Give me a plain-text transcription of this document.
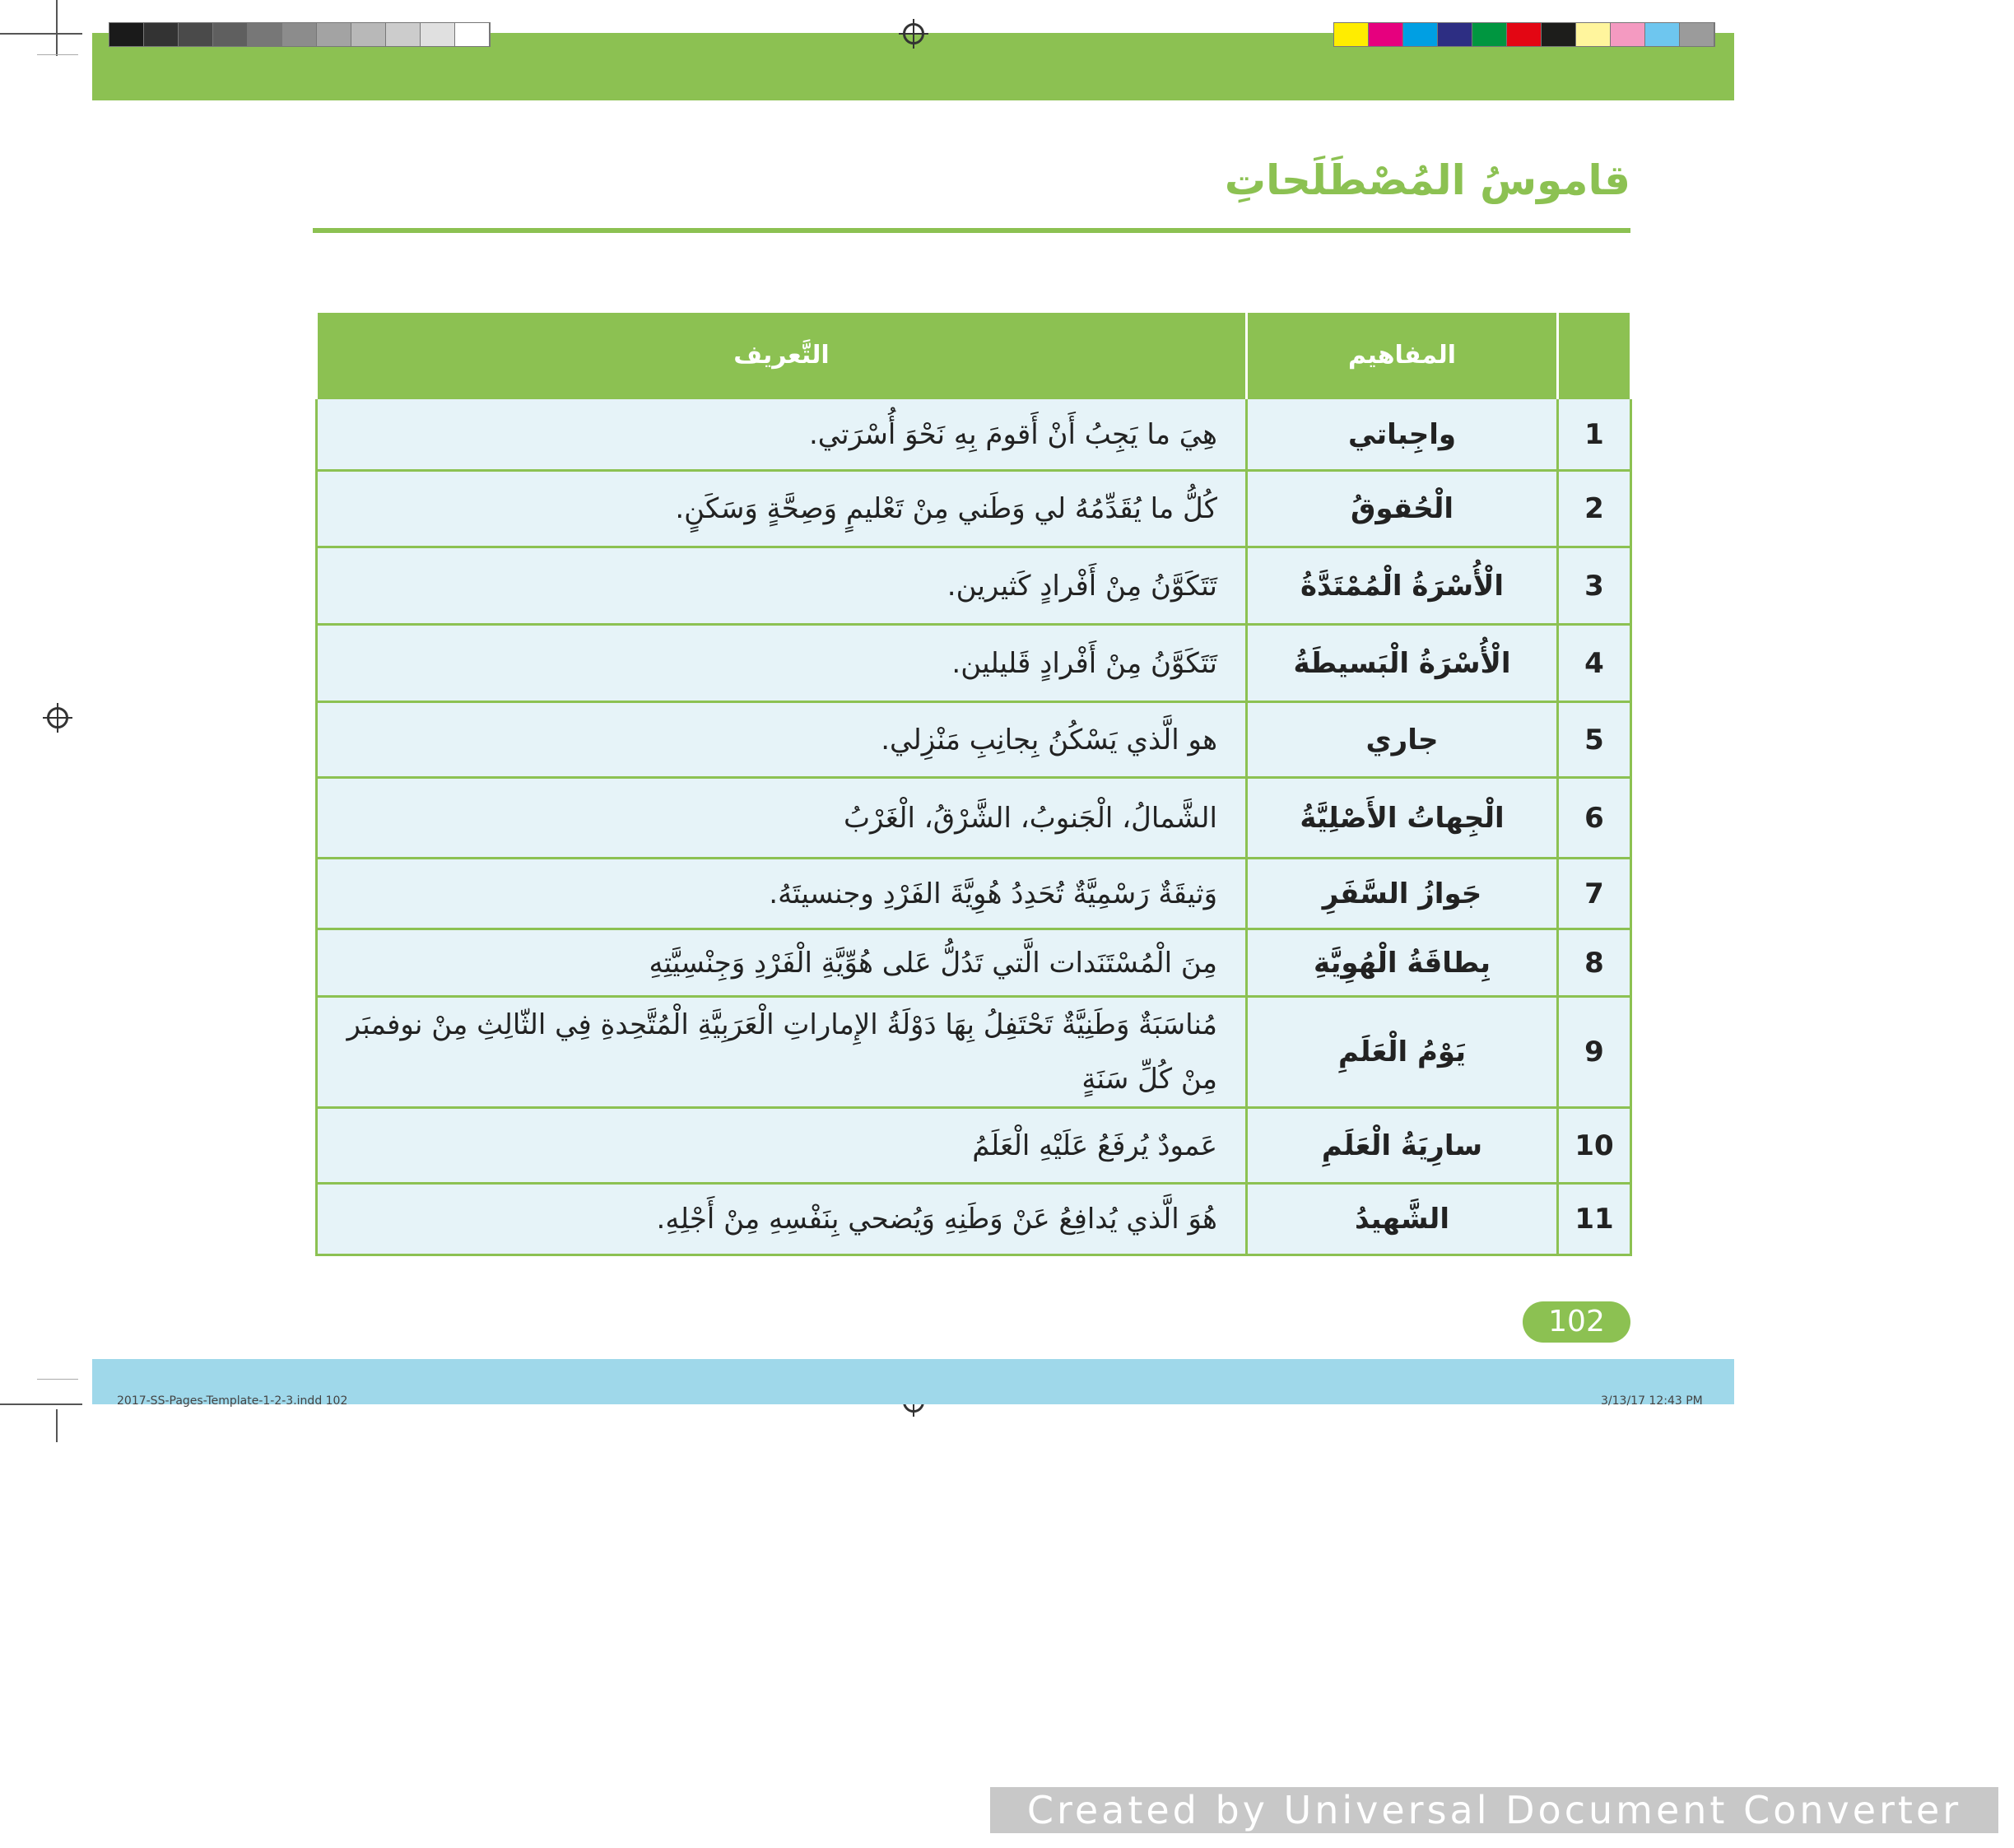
قاموسُ المُصْطَلَحاتِ
	المفاهيم	التَّعريف
1	واجِباتي	هِيَ ما يَجِبُ أَنْ أَقومَ بِهِ نَحْوَ أُسْرَتي.
2	الْحُقوقُ	كُلُّ ما يُقَدِّمُهُ لي وَطَني مِنْ تَعْليمٍ وَصِحَّةٍ وَسَكَنٍ.
3	الْأُسْرَةُ الْمُمْتَدَّةُ	تَتَكَوَّنُ مِنْ أَفْرادٍ كَثيرين.
4	الْأُسْرَةُ الْبَسيطَةُ	تَتَكَوَّنُ مِنْ أَفْرادٍ قَليلين.
5	جاري	هو الَّذي يَسْكُنُ بِجانِبِ مَنْزِلي.
6	الْجِهاتُ الأَصْلِيَّةُ	الشَّمالُ، الْجَنوبُ، الشَّرْقُ، الْغَرْبُ
7	جَوازُ السَّفَرِ	وَثيقَةٌ رَسْمِيَّةٌ تُحَدِدُ هُوِيَّةَ الفَرْدِ وجنسيتَهُ.
8	بِطاقَةُ الْهُوِيَّةِ	مِنَ الْمُسْتَنَدات الَّتي تَدُلُّ عَلى هُوِّيَّةِ الْفَرْدِ وَجِنْسِيَّتِهِ
9	يَوْمُ الْعَلَمِ	مُناسَبَةٌ وَطَنِيَّةٌ تَحْتَفِلُ بِهَا دَوْلَةُ الإِماراتِ الْعَرَبِيَّةِ الْمُتَّحِدةِ فِي الثّالِثِ مِنْ نوفمبَر مِنْ كُلِّ سَنَةٍ
10	سارِيَةُ الْعَلَمِ	عَمودٌ يُرفَعُ عَلَيْهِ الْعَلَمُ
11	الشَّهيدُ	هُوَ الَّذي يُدافِعُ عَنْ وَطَنِهِ وَيُضحي بِنَفْسِهِ مِنْ أَجْلِهِ.
102
2017-SS-Pages-Template-1-2-3.indd 102	3/13/17 12:43 PM
Created by Universal Document Converter
